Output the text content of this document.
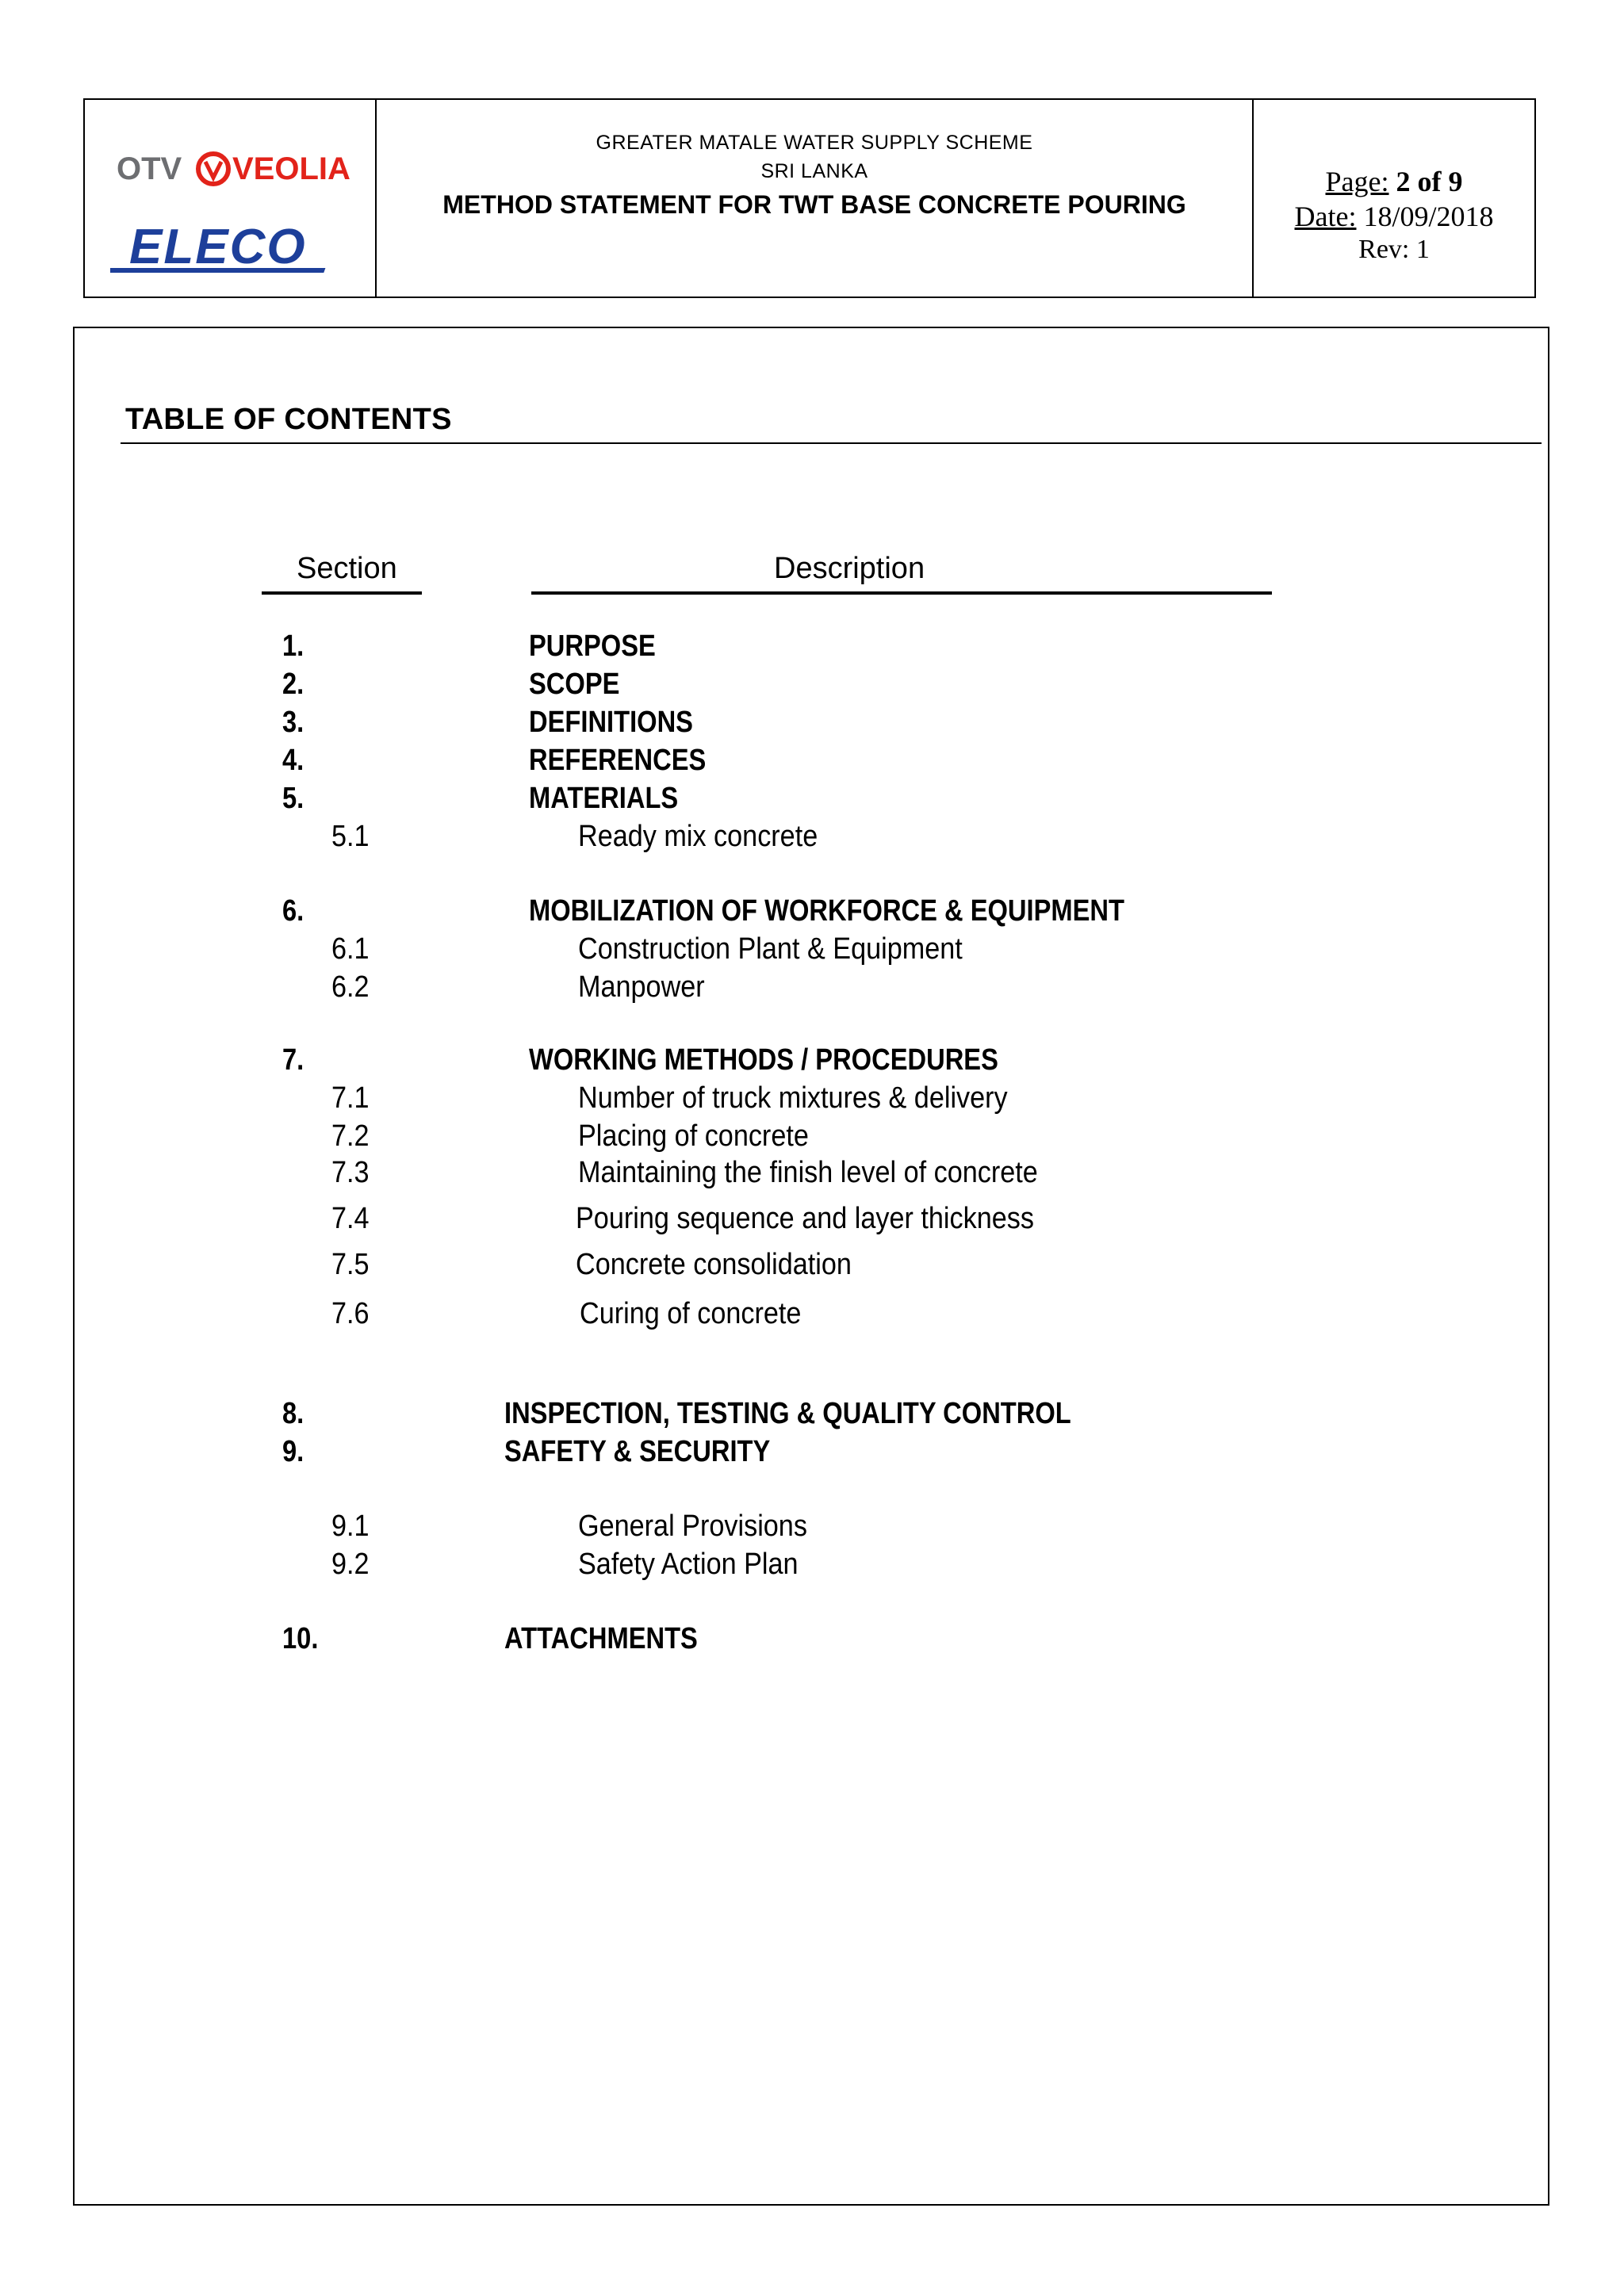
OTV VEOLIA
ELECO
GREATER MATALE WATER SUPPLY SCHEME
SRI LANKA
METHOD STATEMENT FOR TWT BASE CONCRETE POURING
Page: 2 of 9
Date: 18/09/2018
Rev: 1
TABLE OF CONTENTS
Section	Description
1.	PURPOSE
2.	SCOPE
3.	DEFINITIONS
4.	REFERENCES
5.	MATERIALS
5.1	Ready mix concrete
6.	MOBILIZATION OF WORKFORCE & EQUIPMENT
6.1	Construction Plant & Equipment
6.2	Manpower
7.	WORKING METHODS / PROCEDURES
7.1	Number of truck mixtures & delivery
7.2	Placing of concrete
7.3	Maintaining the finish level of concrete
7.4	Pouring sequence and layer thickness
7.5	Concrete consolidation
7.6	Curing of concrete
8.	INSPECTION, TESTING & QUALITY CONTROL
9.	SAFETY & SECURITY
9.1	General Provisions
9.2	Safety Action Plan
10.	ATTACHMENTS
